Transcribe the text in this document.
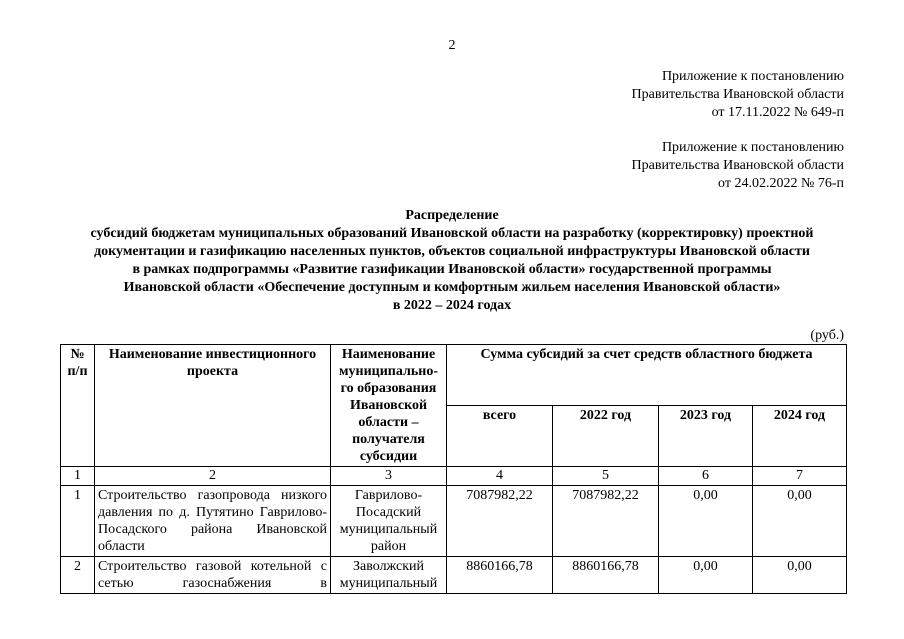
2
Приложение к постановлению
Правительства Ивановской области
от 17.11.2022 № 649-п
Приложение к постановлению
Правительства Ивановской области
от 24.02.2022 № 76-п
Распределение
субсидий бюджетам муниципальных образований Ивановской области на разработку (корректировку) проектной
документации и газификацию населенных пунктов, объектов социальной инфраструктуры Ивановской области
в рамках подпрограммы «Развитие газификации Ивановской области» государственной программы
Ивановской области «Обеспечение доступным и комфортным жильем населения Ивановской области»
в 2022 – 2024 годах
(руб.)
№ п/п	Наименование инвестиционного проекта	Наименование муниципально-го образования Ивановской области – получателя субсидии	Сумма субсидий за счет средств областного бюджета			
			всего	2022 год	2023 год	2024 год
1	2	3	4	5	6	7
1	Строительство газопровода низкого давления по д. Путятино Гаврилово-Посадского района Ивановской области	Гаврилово-Посадский муниципальный район	7087982,22	7087982,22	0,00	0,00
2	Строительство газовой котельной с сетью газоснабжения в	Заволжский муниципальный	8860166,78	8860166,78	0,00	0,00
